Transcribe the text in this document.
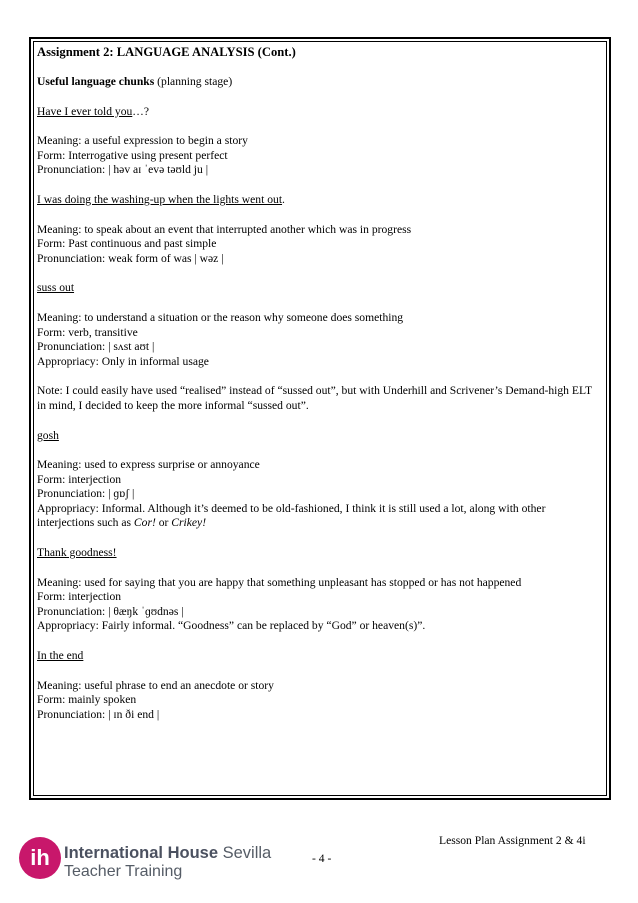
Assignment 2: LANGUAGE ANALYSIS (Cont.)
Useful language chunks (planning stage)
Have I ever told you…?
Meaning: a useful expression to begin a story
Form: Interrogative using present perfect
Pronunciation: | həv aɪ ˈevə təʊld ju |
I was doing the washing-up when the lights went out.
Meaning: to speak about an event that interrupted another which was in progress
Form: Past continuous and past simple
Pronunciation: weak form of was | wəz |
suss out
Meaning: to understand a situation or the reason why someone does something
Form: verb, transitive
Pronunciation: | sʌst aʊt |
Appropriacy: Only in informal usage
Note: I could easily have used “realised” instead of “sussed out”, but with Underhill and Scrivener’s Demand-high ELT in mind, I decided to keep the more informal “sussed out”.
gosh
Meaning: used to express surprise or annoyance
Form: interjection
Pronunciation: | ɡɒʃ |
Appropriacy: Informal. Although it’s deemed to be old-fashioned, I think it is still used a lot, along with other interjections such as Cor! or Crikey!
Thank goodness!
Meaning: used for saying that you are happy that something unpleasant has stopped or has not happened
Form: interjection
Pronunciation: | θæŋk ˈɡʊdnəs |
Appropriacy: Fairly informal. “Goodness” can be replaced by “God” or heaven(s)”.
In the end
Meaning: useful phrase to end an anecdote or story
Form: mainly spoken
Pronunciation: | ɪn ði end |
Lesson Plan Assignment 2 & 4i
- 4 -
ih International House Sevilla
Teacher Training
